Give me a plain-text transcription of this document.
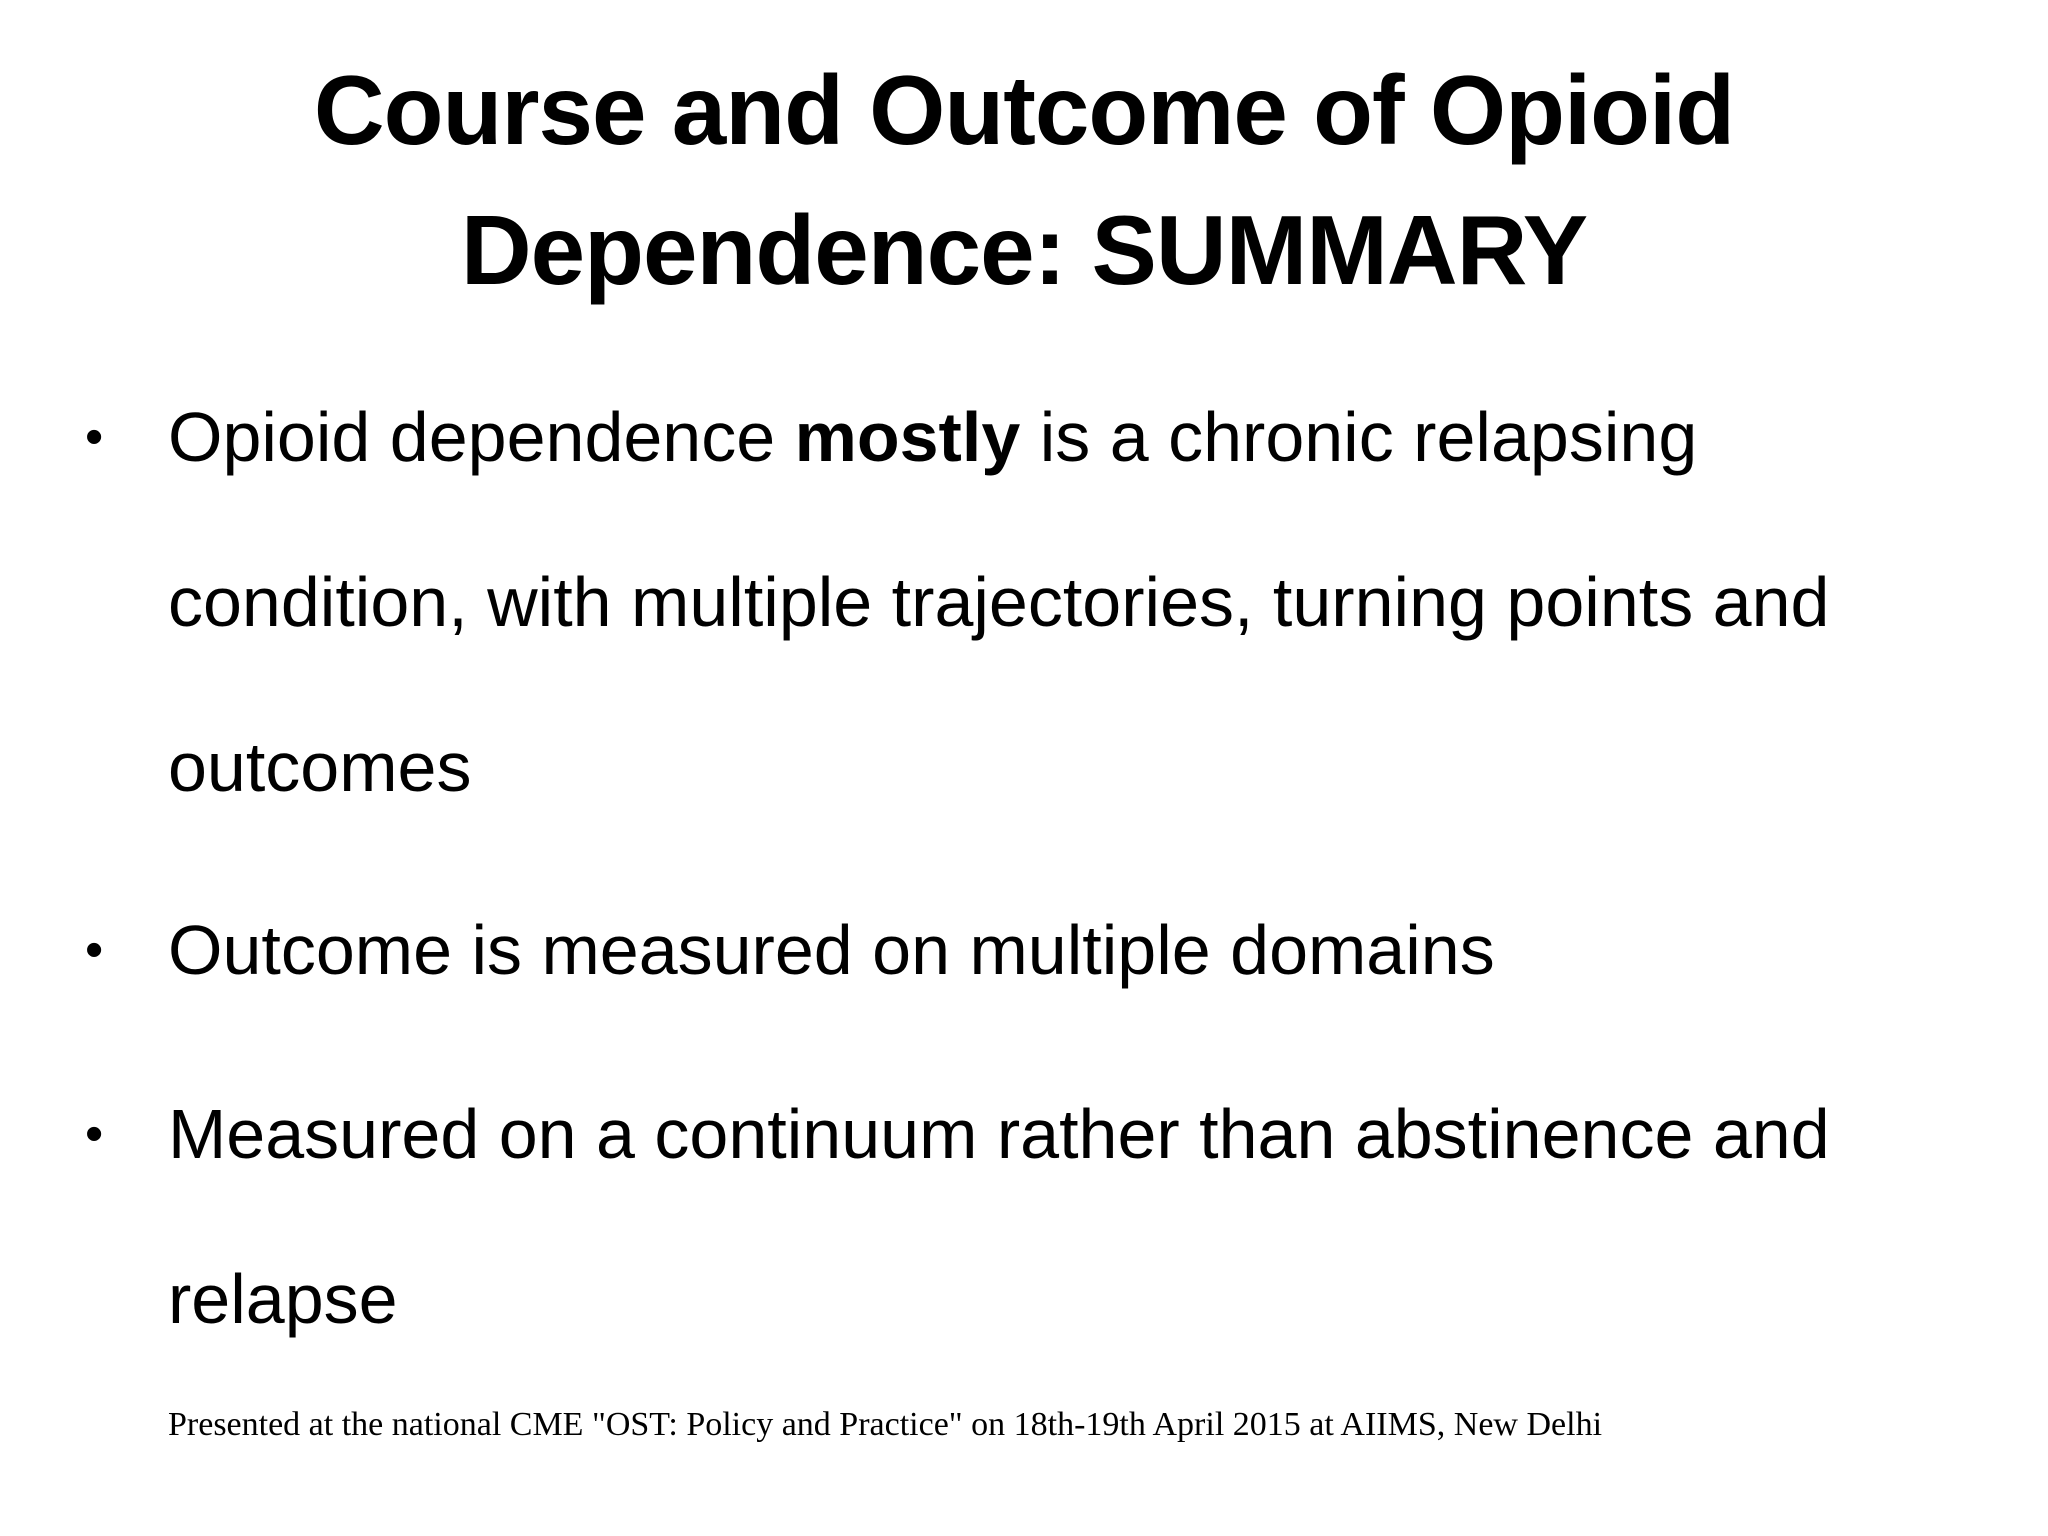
Course and Outcome of Opioid
Dependence: SUMMARY
• Opioid dependence mostly is a chronic relapsing condition, with multiple trajectories, turning points and outcomes
• Outcome is measured on multiple domains
• Measured on a continuum rather than abstinence and relapse
Presented at the national CME "OST: Policy and Practice" on 18th-19th April 2015 at AIIMS, New Delhi
